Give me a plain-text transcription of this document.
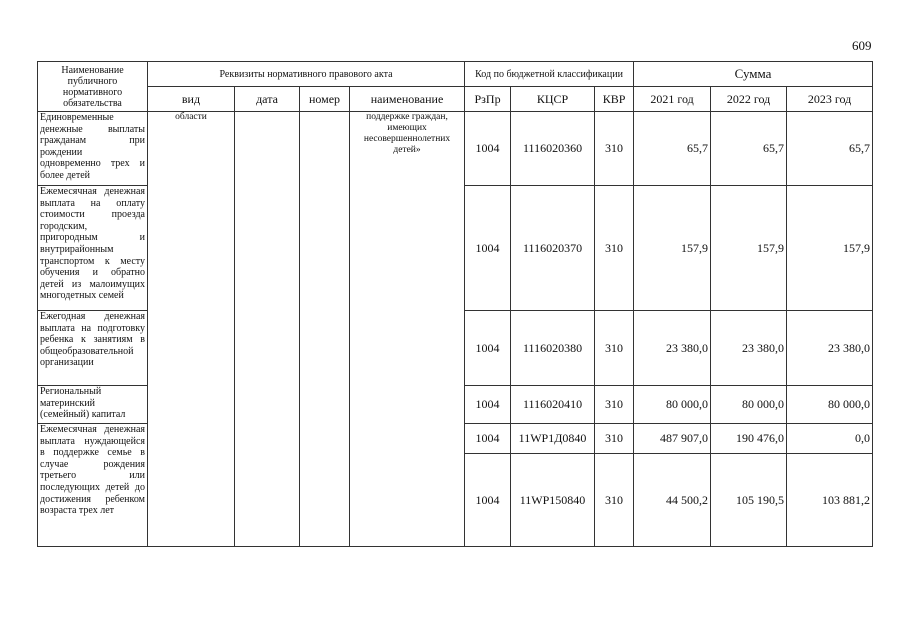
609
Наименование публичного нормативного обязательства	Реквизиты нормативного правового акта				Код по бюджетной классификации			Сумма		
	вид	дата	номер	наименование	РзПр	КЦСР	КВР	2021 год	2022 год	2023 год
Единовременные денежные выплаты гражданам при рождении одновременно трех и более детей	области			поддержке граждан, имеющих несовершеннолетних детей»	1004	1116020360	310	65,7	65,7	65,7
Ежемесячная денежная выплата на оплату стоимости проезда городским, пригородным и внутрирайонным транспортом к месту обучения и обратно детей из малоимущих многодетных семей					1004	1116020370	310	157,9	157,9	157,9
Ежегодная денежная выплата на подготовку ребенка к занятиям в общеобразовательной организации					1004	1116020380	310	23 380,0	23 380,0	23 380,0
Региональный материнский (семейный) капитал					1004	1116020410	310	80 000,0	80 000,0	80 000,0
Ежемесячная денежная выплата нуждающейся в поддержке семье в случае рождения третьего или последующих детей до достижения ребенком возраста трех лет					1004	11WP1Д0840	310	487 907,0	190 476,0	0,0
					1004	11WP150840	310	44 500,2	105 190,5	103 881,2
